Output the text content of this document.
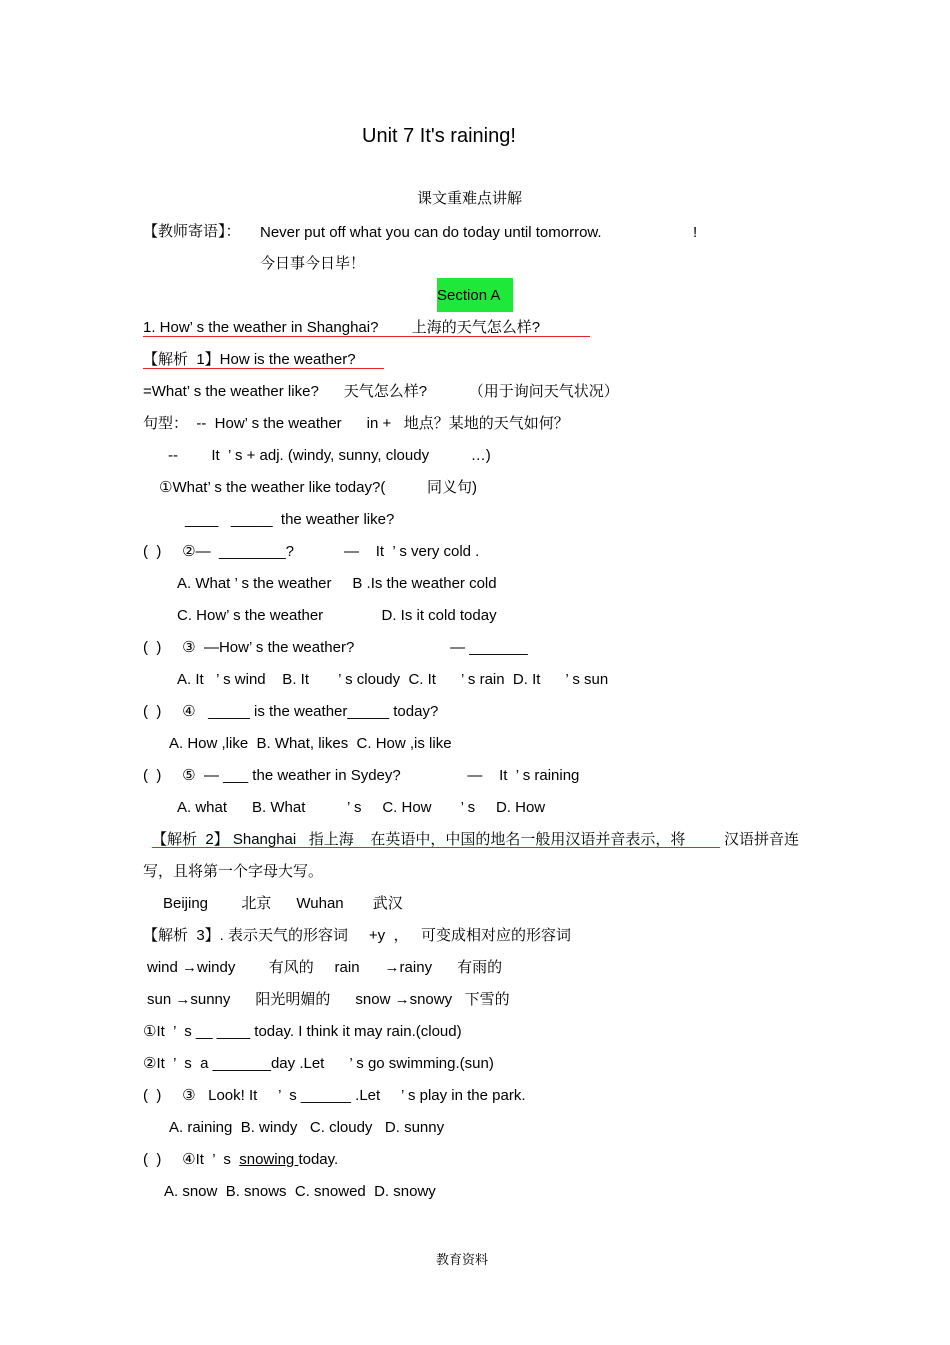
Unit 7 It's raining!
课文重难点讲解
【教师寄语】： Never put off what you can do today until tomorrow.	!
今日事今日毕！
Section A
1. How’ s the weather in Shanghai?        上海的天气怎么样?
【解析  1】How is the weather?
=What’ s the weather like?      天气怎么样?          （用于询问天气状况）
句型：  --  How’ s the weather      in +   地点？某地的天气如何？
--        It  ’ s + adj. (windy, sunny, cloudy          …)
①What’ s the weather like today?(          同义句)
____   _____  the weather like?
(  )     ②—  ________?            —    It  ’ s very cold .
A. What ’ s the weather     B .Is the weather cold
C. How’ s the weather              D. Is it cold today
(  )     ③  —How’ s the weather?                       — _______
A. It   ’ s wind    B. It       ’ s cloudy  C. It      ’ s rain  D. It      ’ s sun
(  )     ④   _____ is the weather_____ today?
A. How ,like  B. What, likes  C. How ,is like
(  )     ⑤  — ___ the weather in Sydey?                —    It  ’ s raining
A. what      B. What          ’ s     C. How       ’ s     D. How
【解析  2】 Shanghai   指上海    在英语中，中国的地名一般用汉语并音表示，将	汉语拼音连
写，且将第一个字母大写。
Beijing        北京      Wuhan       武汉
【解析  3】. 表示天气的形容词     +y  ，   可变成相对应的形容词
wind →windy        有风的     rain      →rainy      有雨的
sun →sunny      阳光明媚的      snow →snowy   下雪的
①It  ’  s __ ____ today. I think it may rain.(cloud)
②It  ’  s  a _______day .Let      ’ s go swimming.(sun)
(  )     ③   Look! It     ’  s ______ .Let     ’ s play in the park.
A. raining  B. windy   C. cloudy   D. sunny
(  )     ④It  ’  s  snowing today.
A. snow  B. snows  C. snowed  D. snowy
教育资料
